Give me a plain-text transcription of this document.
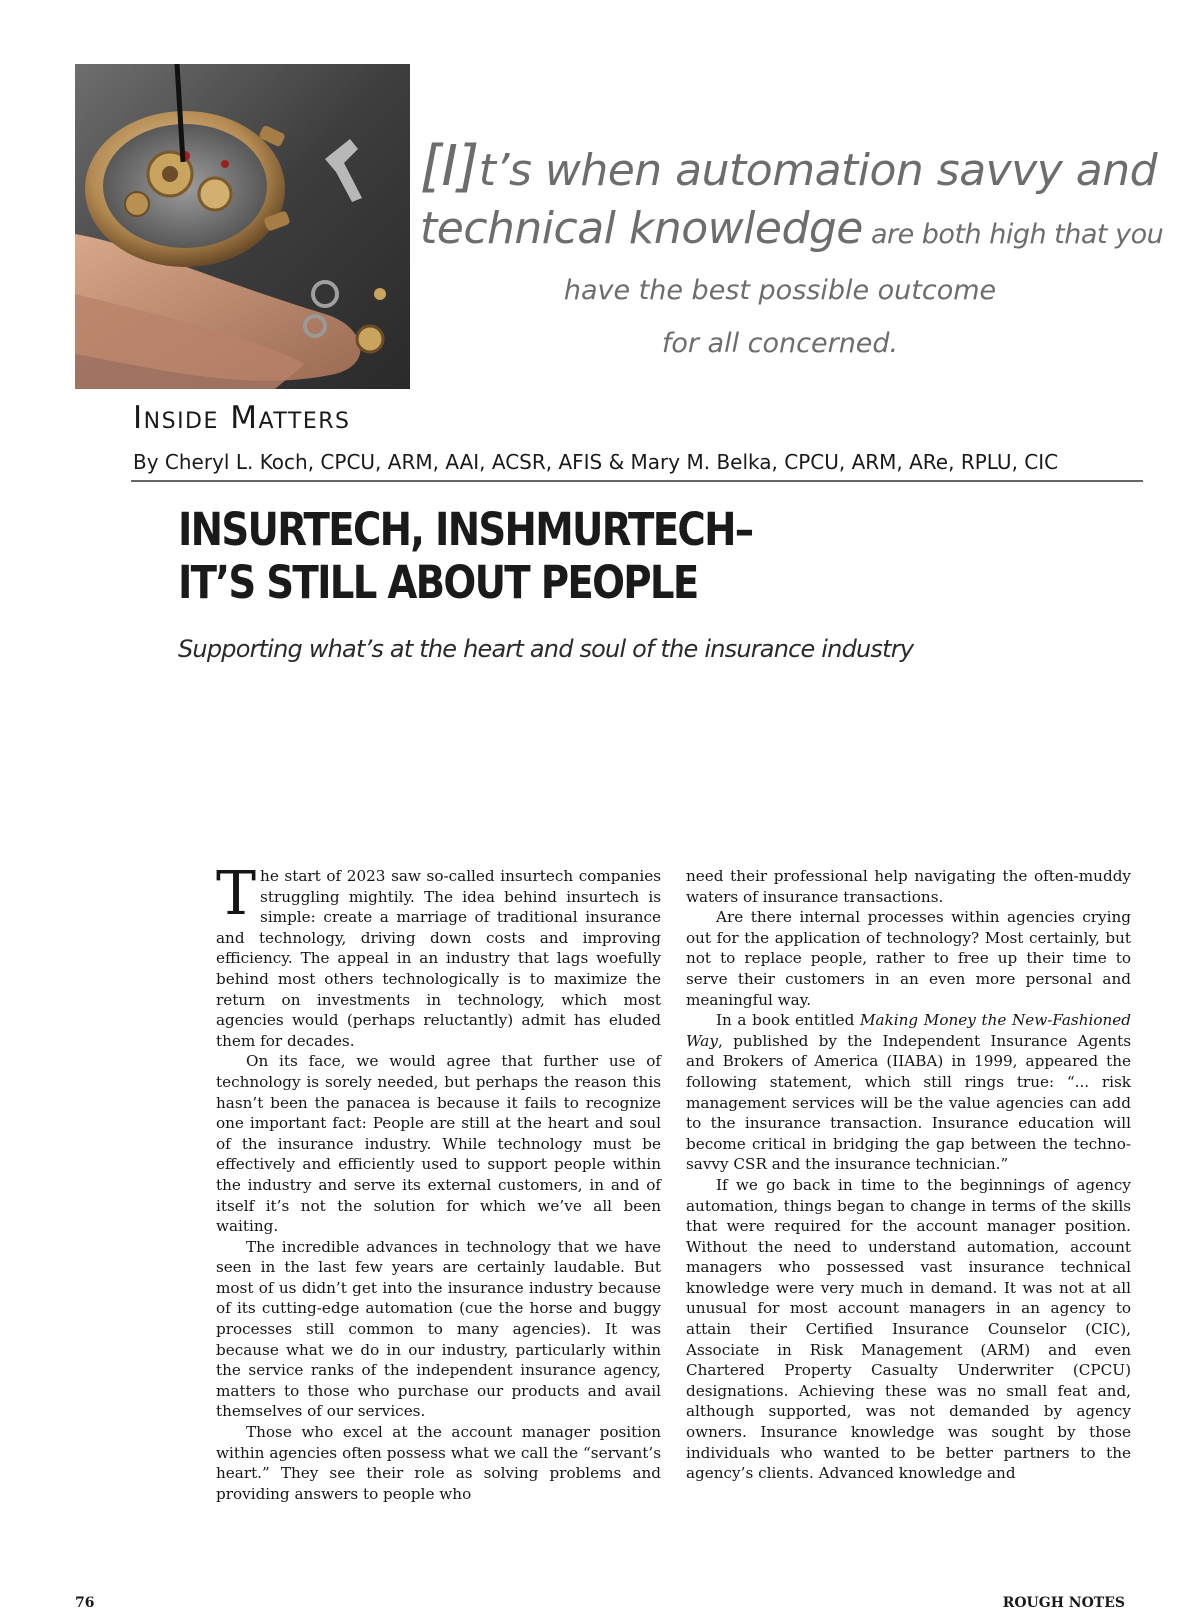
[I]t’s when automation savvy and
technical knowledge are both high that you
have the best possible outcome
for all concerned.
Inside Matters
By Cheryl L. Koch, CPCU, ARM, AAI, ACSR, AFIS & Mary M. Belka, CPCU, ARM, ARe, RPLU, CIC
INSURTECH, INSHMURTECH–
IT’S STILL ABOUT PEOPLE
Supporting what’s at the heart and soul of the insurance industry

The start of 2023 saw so-called insurtech companies struggling mightily. The idea behind insurtech is simple: create a marriage of traditional insurance and technology, driving down costs and improving efficiency. The appeal in an industry that lags woefully behind most others technologically is to maximize the return on investments in technology, which most agencies would (perhaps reluctantly) admit has eluded them for decades.

On its face, we would agree that further use of technology is sorely needed, but perhaps the reason this hasn’t been the panacea is because it fails to recognize one important fact: People are still at the heart and soul of the insurance industry. While technology must be effectively and efficiently used to support people within the industry and serve its external customers, in and of itself it’s not the solution for which we’ve all been waiting.

The incredible advances in technology that we have seen in the last few years are certainly laudable. But most of us didn’t get into the insurance industry because of its cutting-edge automation (cue the horse and buggy processes still common to many agencies). It was because what we do in our industry, particularly within the service ranks of the independent insurance agency, matters to those who purchase our products and avail themselves of our services.

Those who excel at the account manager position within agencies often possess what we call the “servant’s heart.” They see their role as solving problems and providing answers to people who

need their professional help navigating the often-muddy waters of insurance transactions.

Are there internal processes within agencies crying out for the application of technology? Most certainly, but not to replace people, rather to free up their time to serve their customers in an even more personal and meaningful way.

In a book entitled Making Money the New-Fashioned Way, published by the Independent Insurance Agents and Brokers of America (IIABA) in 1999, appeared the following statement, which still rings true: “... risk management services will be the value agencies can add to the insurance transaction. Insurance education will become critical in bridging the gap between the techno-savvy CSR and the insurance technician.”

If we go back in time to the beginnings of agency automation, things began to change in terms of the skills that were required for the account manager position. Without the need to understand automation, account managers who possessed vast insurance technical knowledge were very much in demand. It was not at all unusual for most account managers in an agency to attain their Certified Insurance Counselor (CIC), Associate in Risk Management (ARM) and even Chartered Property Casualty Underwriter (CPCU) designations. Achieving these was no small feat and, although supported, was not demanded by agency owners. Insurance knowledge was sought by those individuals who wanted to be better partners to the agency’s clients. Advanced knowledge and

76	ROUGH NOTES
